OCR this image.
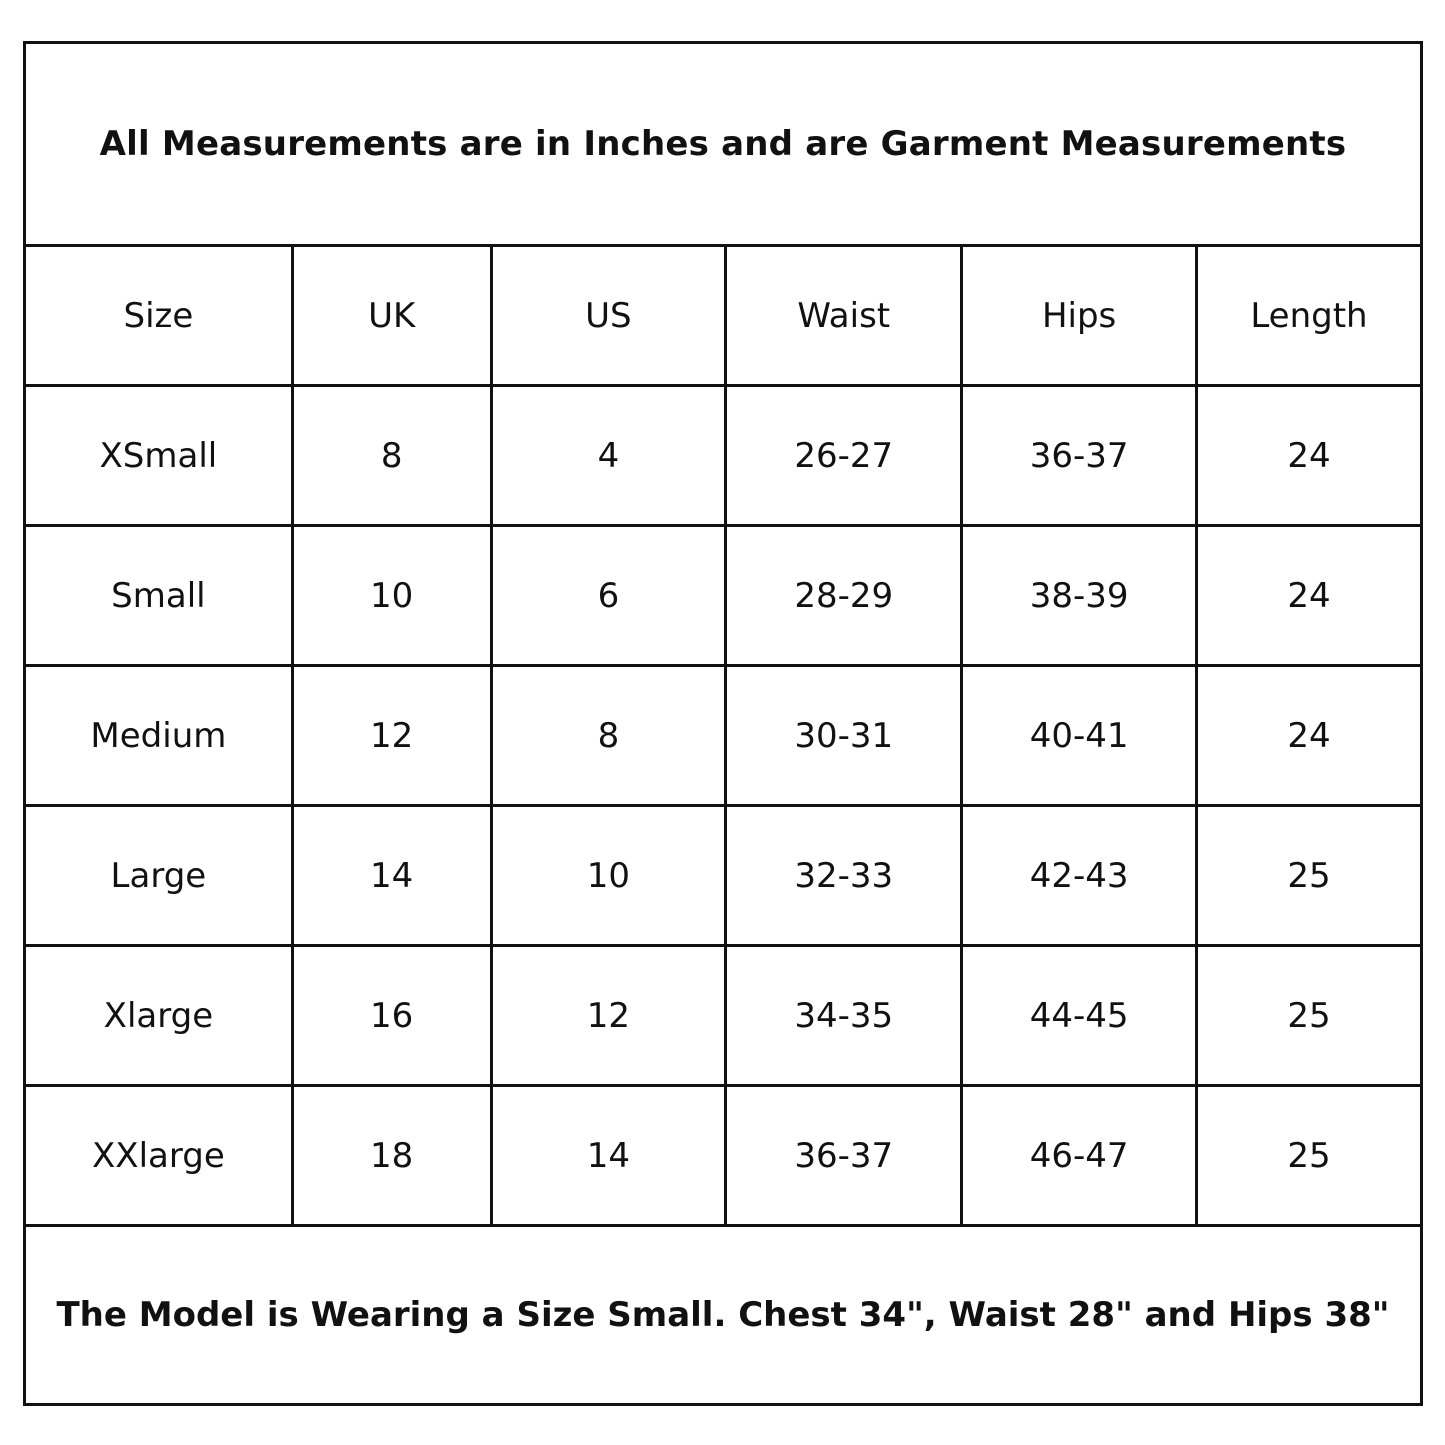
All Measurements are in Inches and are Garment Measurements
Size	UK	US	Waist	Hips	Length
XSmall	8	4	26-27	36-37	24
Small	10	6	28-29	38-39	24
Medium	12	8	30-31	40-41	24
Large	14	10	32-33	42-43	25
Xlarge	16	12	34-35	44-45	25
XXlarge	18	14	36-37	46-47	25
The Model is Wearing a Size Small. Chest 34", Waist 28" and Hips 38"
